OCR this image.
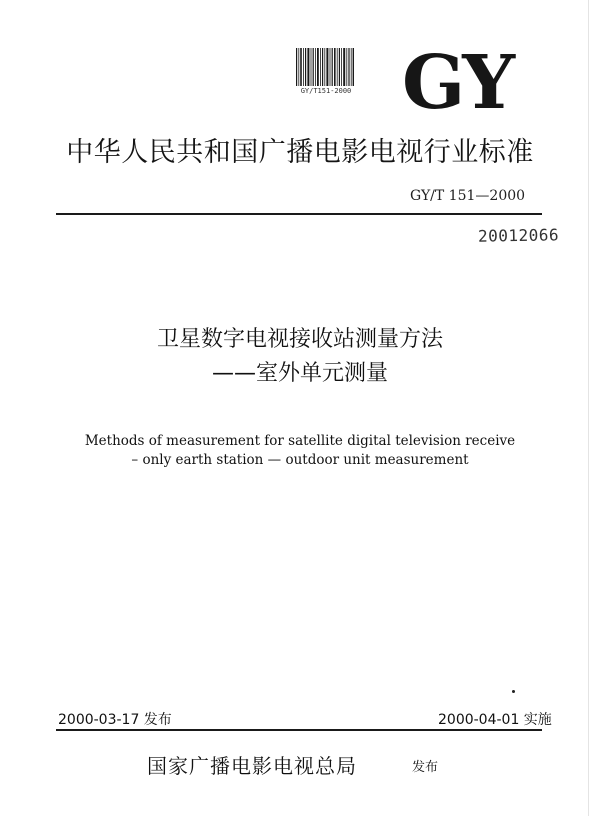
GY/T151-2000 GY
中华人民共和国广播电影电视行业标准
GY/T 151—2000
20012066
卫星数字电视接收站测量方法
——室外单元测量
Methods of measurement for satellite digital television receive
– only earth station — outdoor unit measurement
2000-03-17 发布	2000-04-01 实施
国家广播电影电视总局	发布
